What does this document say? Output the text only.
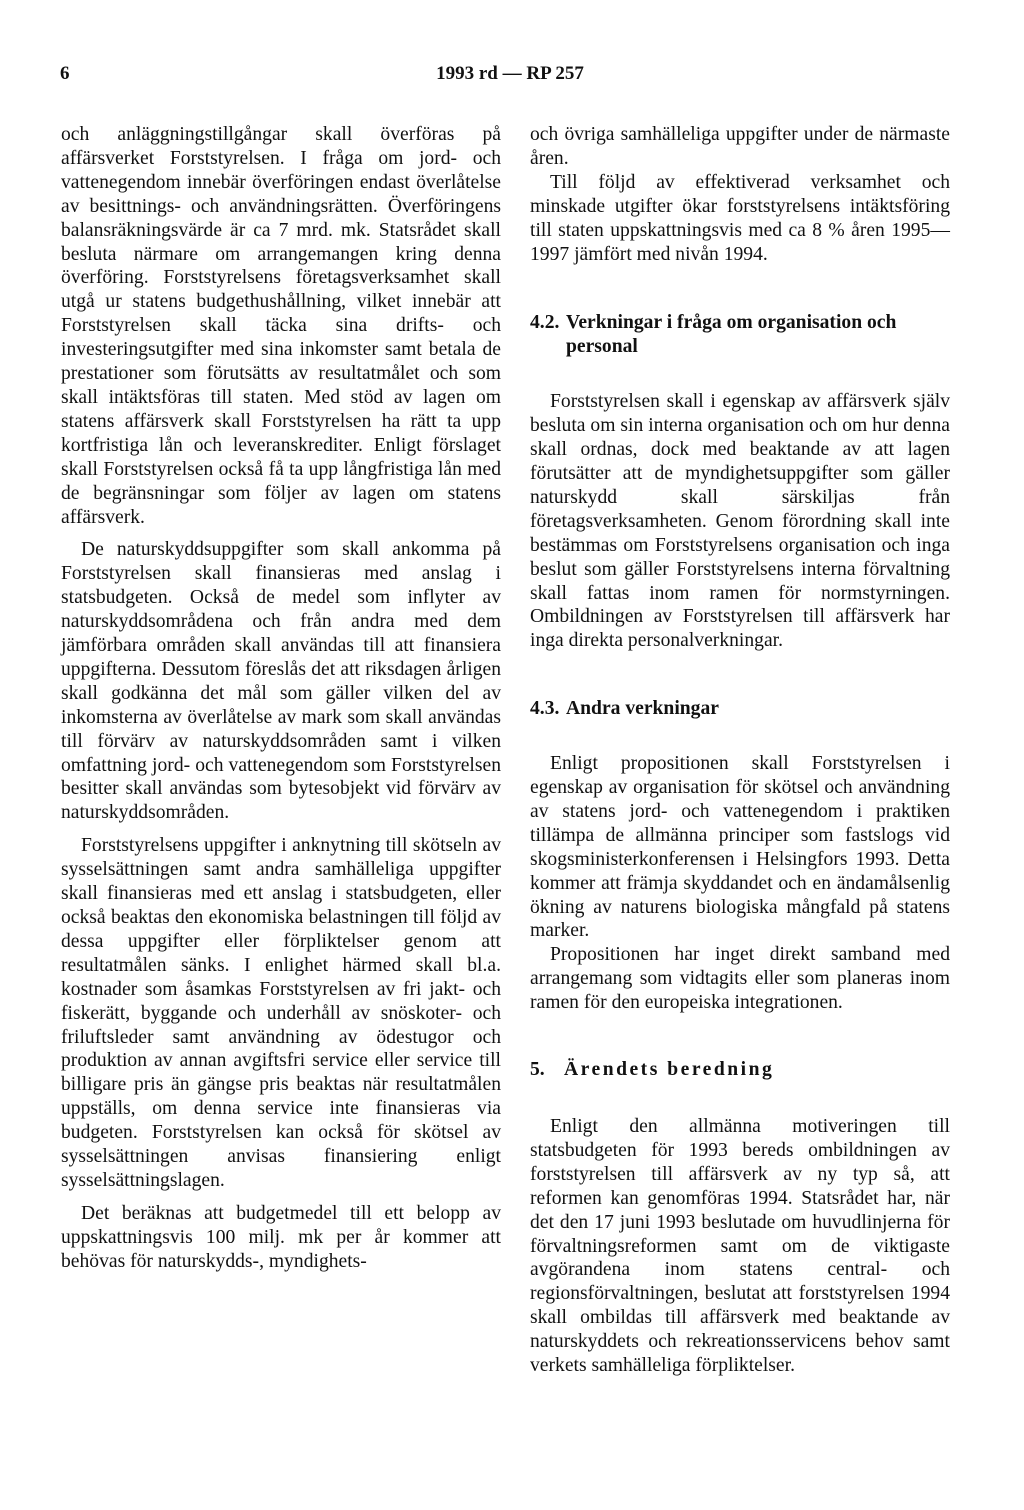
6	1993 rd — RP 257

och anläggningstillgångar skall överföras på affärsverket Forststyrelsen. I fråga om jord- och vattenegendom innebär överföringen endast överlåtelse av besittnings- och användningsrätten. Överföringens balansräkningsvärde är ca 7 mrd. mk. Statsrådet skall besluta närmare om arrangemangen kring denna överföring. Forststyrelsens företagsverksamhet skall utgå ur statens budgethushållning, vilket innebär att Forststyrelsen skall täcka sina drifts- och investeringsutgifter med sina inkomster samt betala de prestationer som förutsätts av resultatmålet och som skall intäktsföras till staten. Med stöd av lagen om statens affärsverk skall Forststyrelsen ha rätt ta upp kortfristiga lån och leveranskrediter. Enligt förslaget skall Forststyrelsen också få ta upp långfristiga lån med de begränsningar som följer av lagen om statens affärsverk.

De naturskyddsuppgifter som skall ankomma på Forststyrelsen skall finansieras med anslag i statsbudgeten. Också de medel som inflyter av naturskyddsområdena och från andra med dem jämförbara områden skall användas till att finansiera uppgifterna. Dessutom föreslås det att riksdagen årligen skall godkänna det mål som gäller vilken del av inkomsterna av överlåtelse av mark som skall användas till förvärv av naturskyddsområden samt i vilken omfattning jord- och vattenegendom som Forststyrelsen besitter skall användas som bytesobjekt vid förvärv av naturskyddsområden.

Forststyrelsens uppgifter i anknytning till skötseln av sysselsättningen samt andra samhälleliga uppgifter skall finansieras med ett anslag i statsbudgeten, eller också beaktas den ekonomiska belastningen till följd av dessa uppgifter eller förpliktelser genom att resultatmålen sänks. I enlighet härmed skall bl.a. kostnader som åsamkas Forststyrelsen av fri jakt- och fiskerätt, byggande och underhåll av snöskoter- och friluftsleder samt användning av ödestugor och produktion av annan avgiftsfri service eller service till billigare pris än gängse pris beaktas när resultatmålen uppställs, om denna service inte finansieras via budgeten. Forststyrelsen kan också för skötsel av sysselsättningen anvisas finansiering enligt sysselsättningslagen.

Det beräknas att budgetmedel till ett belopp av uppskattningsvis 100 milj. mk per år kommer att behövas för naturskydds-, myndighets-

och övriga samhälleliga uppgifter under de närmaste åren.

Till följd av effektiverad verksamhet och minskade utgifter ökar forststyrelsens intäktsföring till staten uppskattningsvis med ca 8 % åren 1995—1997 jämfört med nivån 1994.

4.2. Verkningar i fråga om organisation och personal

Forststyrelsen skall i egenskap av affärsverk själv besluta om sin interna organisation och om hur denna skall ordnas, dock med beaktande av att lagen förutsätter att de myndighetsuppgifter som gäller naturskydd skall särskiljas från företagsverksamheten. Genom förordning skall inte bestämmas om Forststyrelsens organisation och inga beslut som gäller Forststyrelsens interna förvaltning skall fattas inom ramen för normstyrningen. Ombildningen av Forststyrelsen till affärsverk har inga direkta personalverkningar.

4.3. Andra verkningar

Enligt propositionen skall Forststyrelsen i egenskap av organisation för skötsel och användning av statens jord- och vattenegendom i praktiken tillämpa de allmänna principer som fastslogs vid skogsministerkonferensen i Helsingfors 1993. Detta kommer att främja skyddandet och en ändamålsenlig ökning av naturens biologiska mångfald på statens marker.

Propositionen har inget direkt samband med arrangemang som vidtagits eller som planeras inom ramen för den europeiska integrationen.

5. Ärendets beredning

Enligt den allmänna motiveringen till statsbudgeten för 1993 bereds ombildningen av forststyrelsen till affärsverk av ny typ så, att reformen kan genomföras 1994. Statsrådet har, när det den 17 juni 1993 beslutade om huvudlinjerna för förvaltningsreformen samt om de viktigaste avgörandena inom statens central- och regionsförvaltningen, beslutat att forststyrelsen 1994 skall ombildas till affärsverk med beaktande av naturskyddets och rekreationsservicens behov samt verkets samhälleliga förpliktelser.
